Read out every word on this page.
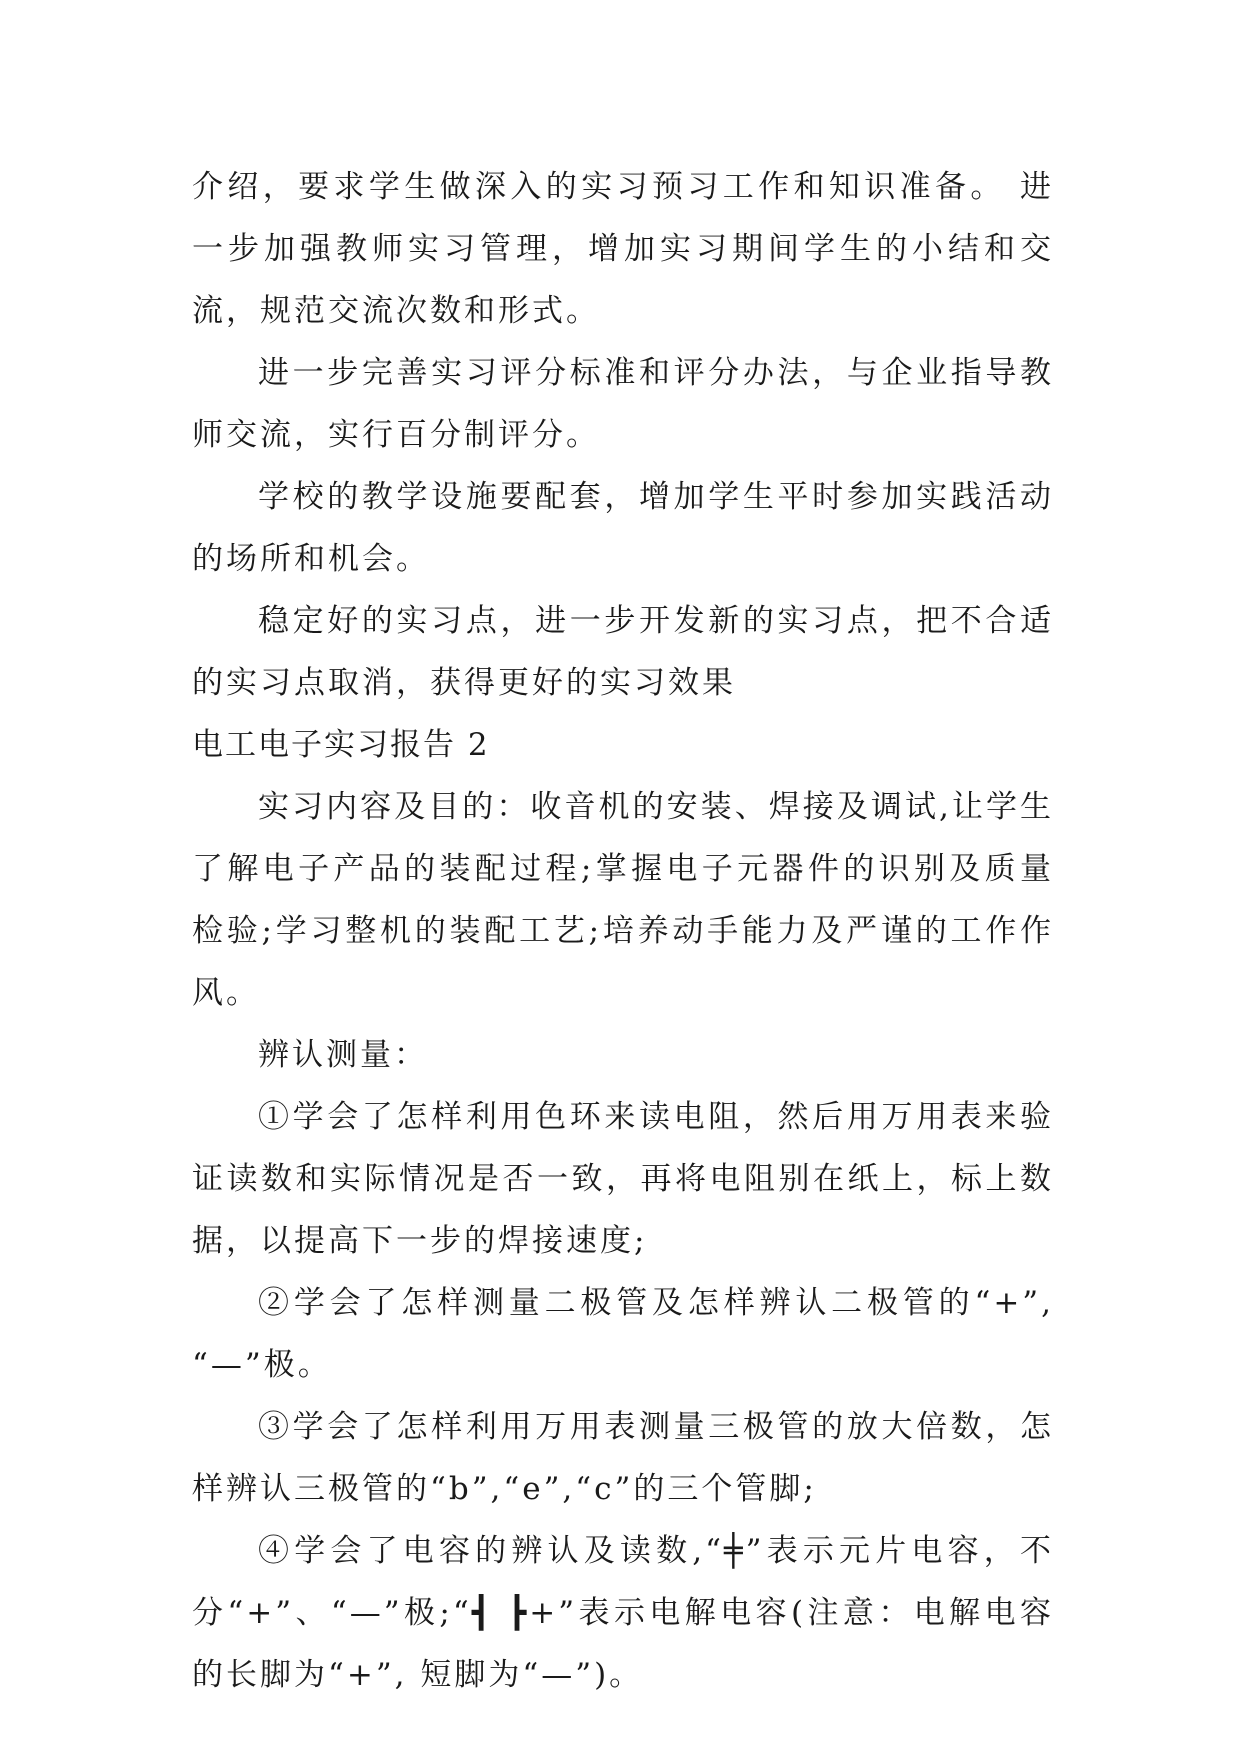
介绍，要求学生做深入的实习预习工作和知识准备。 进一步加强教师实习管理，增加实习期间学生的小结和交流，规范交流次数和形式。

进一步完善实习评分标准和评分办法，与企业指导教师交流，实行百分制评分。

学校的教学设施要配套，增加学生平时参加实践活动的场所和机会。

稳定好的实习点，进一步开发新的实习点，把不合适的实习点取消，获得更好的实习效果

电工电子实习报告 2

实习内容及目的：收音机的安装、焊接及调试,让学生了解电子产品的装配过程;掌握电子元器件的识别及质量检验;学习整机的装配工艺;培养动手能力及严谨的工作作风。

辨认测量：

①学会了怎样利用色环来读电阻，然后用万用表来验证读数和实际情况是否一致，再将电阻别在纸上，标上数据，以提高下一步的焊接速度;

②学会了怎样测量二极管及怎样辨认二极管的“+”, “—”极。

③学会了怎样利用万用表测量三极管的放大倍数，怎样辨认三极管的“b”,“e”,“c”的三个管脚;

④学会了电容的辨认及读数,“╪”表示元片电容，不分“+”、“—”极;“┫ ┣+”表示电解电容(注意：电解电容的长脚为“+”, 短脚为“—”)。
